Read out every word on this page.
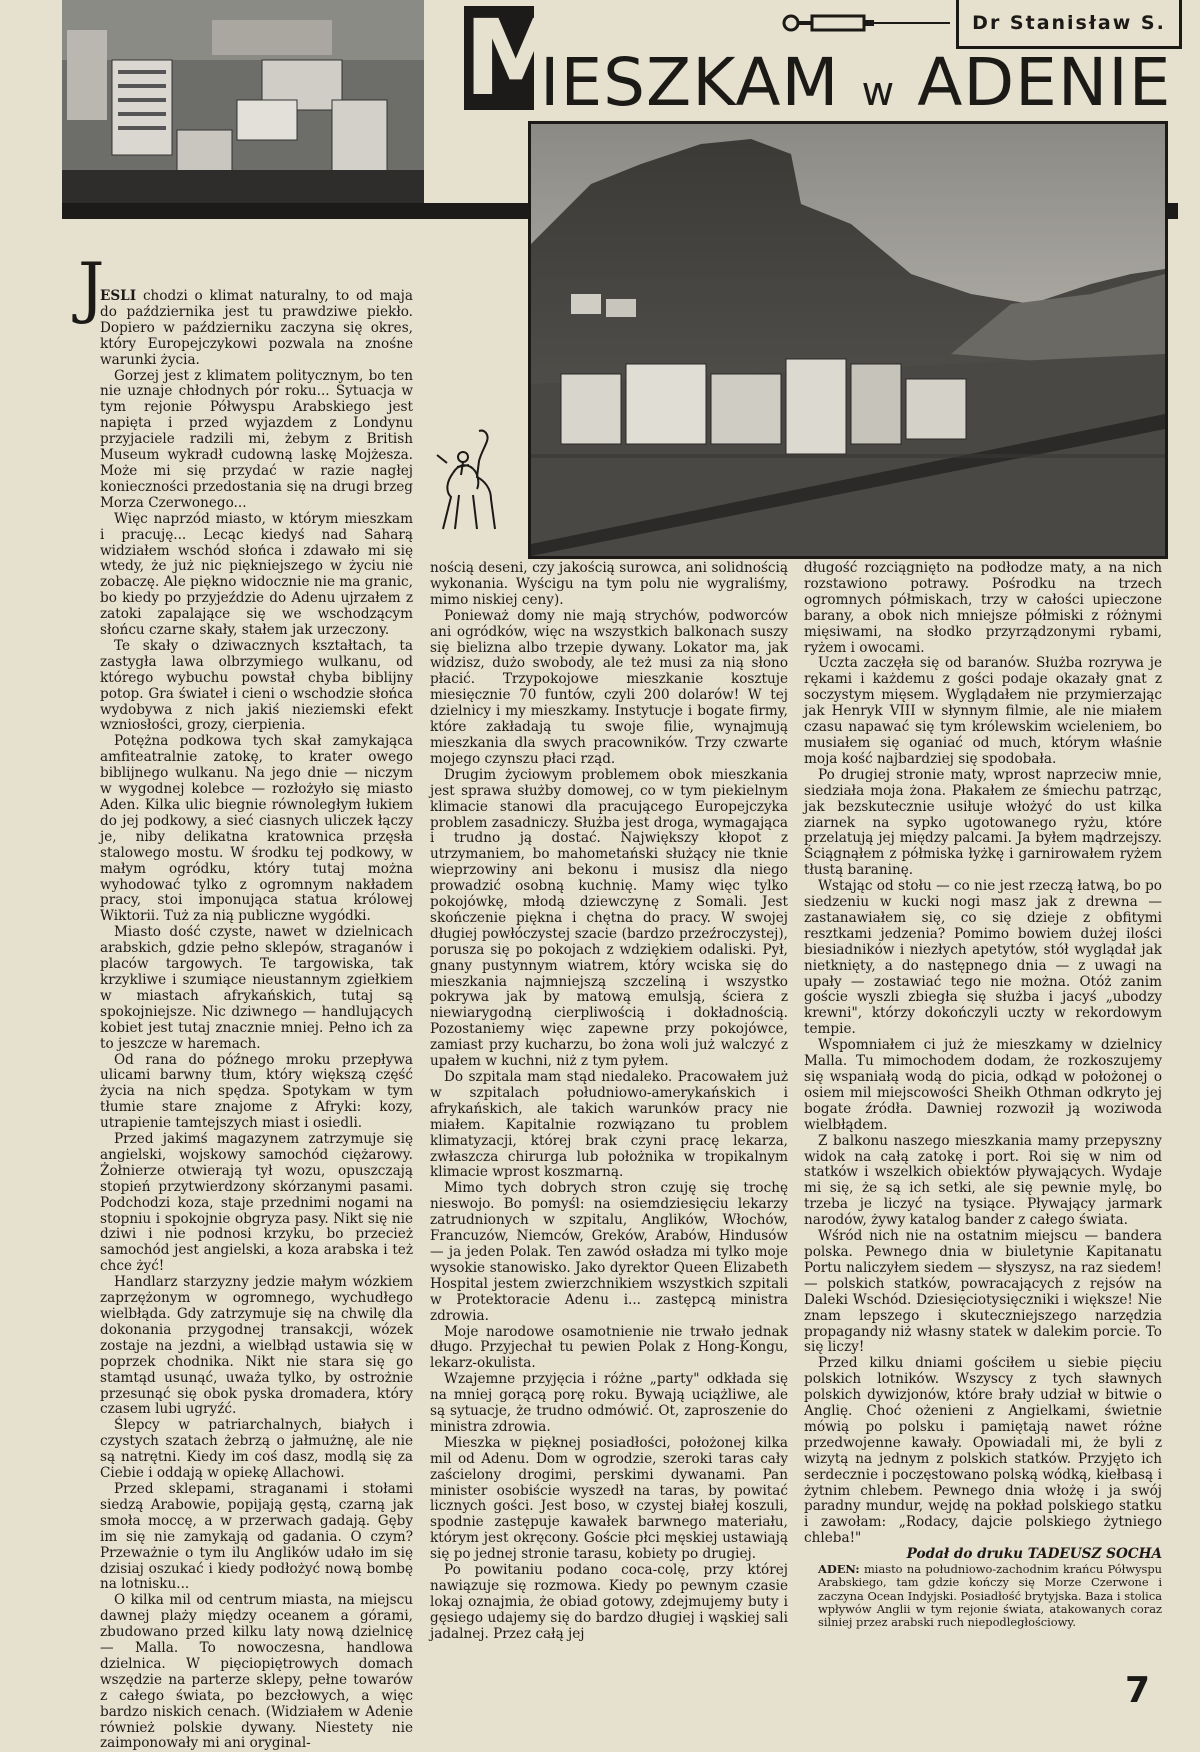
M
IESZKAM w ADENIE
Dr Stanisław S.
J

ESLI chodzi o klimat naturalny, to od maja do października jest tu prawdziwe piekło. Dopiero w październiku zaczyna się okres, który Europejczykowi pozwala na znośne warunki życia.

Gorzej jest z klimatem politycznym, bo ten nie uznaje chłodnych pór roku... Sytuacja w tym rejonie Półwyspu Arabskiego jest napięta i przed wyjazdem z Londynu przyjaciele radzili mi, żebym z British Museum wykradł cudowną laskę Mojżesza. Może mi się przydać w razie nagłej konieczności przedostania się na drugi brzeg Morza Czerwonego...

Więc naprzód miasto, w którym mieszkam i pracuję... Lecąc kiedyś nad Saharą widziałem wschód słońca i zdawało mi się wtedy, że już nic piękniejszego w życiu nie zobaczę. Ale piękno widocznie nie ma granic, bo kiedy po przyjeździe do Adenu ujrzałem z zatoki zapalające się we wschodzącym słońcu czarne skały, stałem jak urzeczony.

Te skały o dziwacznych kształtach, ta zastygła lawa olbrzymiego wulkanu, od którego wybuchu powstał chyba biblijny potop. Gra świateł i cieni o wschodzie słońca wydobywa z nich jakiś nieziemski efekt wzniosłości, grozy, cierpienia.

Potężna podkowa tych skał zamykająca amfiteatralnie zatokę, to krater owego biblijnego wulkanu. Na jego dnie — niczym w wygodnej kolebce — rozłożyło się miasto Aden. Kilka ulic biegnie równoległym łukiem do jej podkowy, a sieć ciasnych uliczek łączy je, niby delikatna kratownica przęsła stalowego mostu. W środku tej podkowy, w małym ogródku, który tutaj można wyhodować tylko z ogromnym nakładem pracy, stoi imponująca statua królowej Wiktorii. Tuż za nią publiczne wygódki.

Miasto dość czyste, nawet w dzielnicach arabskich, gdzie pełno sklepów, straganów i placów targowych. Te targowiska, tak krzykliwe i szumiące nieustannym zgiełkiem w miastach afrykańskich, tutaj są spokojniejsze. Nic dziwnego — handlujących kobiet jest tutaj znacznie mniej. Pełno ich za to jeszcze w haremach.

Od rana do późnego mroku przepływa ulicami barwny tłum, który większą część życia na nich spędza. Spotykam w tym tłumie stare znajome z Afryki: kozy, utrapienie tamtejszych miast i osiedli.

Przed jakimś magazynem zatrzymuje się angielski, wojskowy samochód ciężarowy. Żołnierze otwierają tył wozu, opuszczają stopień przytwierdzony skórzanymi pasami. Podchodzi koza, staje przednimi nogami na stopniu i spokojnie obgryza pasy. Nikt się nie dziwi i nie podnosi krzyku, bo przecież samochód jest angielski, a koza arabska i też chce żyć!

Handlarz starzyzny jedzie małym wózkiem zaprzężonym w ogromnego, wychudłego wielbłąda. Gdy zatrzymuje się na chwilę dla dokonania przygodnej transakcji, wózek zostaje na jezdni, a wielbłąd ustawia się w poprzek chodnika. Nikt nie stara się go stamtąd usunąć, uważa tylko, by ostrożnie przesunąć się obok pyska dromadera, który czasem lubi ugryźć.

Ślepcy w patriarchalnych, białych i czystych szatach żebrzą o jałmużnę, ale nie są natrętni. Kiedy im coś dasz, modlą się za Ciebie i oddają w opiekę Allachowi.

Przed sklepami, straganami i stołami siedzą Arabowie, popijają gęstą, czarną jak smoła moccę, a w przerwach gadają. Gęby im się nie zamykają od gadania. O czym? Przeważnie o tym ilu Anglików udało im się dzisiaj oszukać i kiedy podłożyć nową bombę na lotnisku...

O kilka mil od centrum miasta, na miejscu dawnej plaży między oceanem a górami, zbudowano przed kilku laty nową dzielnicę — Malla. To nowoczesna, handlowa dzielnica. W pięciopiętrowych domach wszędzie na parterze sklepy, pełne towarów z całego świata, po bezcłowych, a więc bardzo niskich cenach. (Widziałem w Adenie również polskie dywany. Niestety nie zaimponowały mi ani oryginal-

nością deseni, czy jakością surowca, ani solidnością wykonania. Wyścigu na tym polu nie wygraliśmy, mimo niskiej ceny).

Ponieważ domy nie mają strychów, podworców ani ogródków, więc na wszystkich balkonach suszy się bielizna albo trzepie dywany. Lokator ma, jak widzisz, dużo swobody, ale też musi za nią słono płacić. Trzypokojowe mieszkanie kosztuje miesięcznie 70 funtów, czyli 200 dolarów! W tej dzielnicy i my mieszkamy. Instytucje i bogate firmy, które zakładają tu swoje filie, wynajmują mieszkania dla swych pracowników. Trzy czwarte mojego czynszu płaci rząd.

Drugim życiowym problemem obok mieszkania jest sprawa służby domowej, co w tym piekielnym klimacie stanowi dla pracującego Europejczyka problem zasadniczy. Służba jest droga, wymagająca i trudno ją dostać. Największy kłopot z utrzymaniem, bo mahometański służący nie tknie wieprzowiny ani bekonu i musisz dla niego prowadzić osobną kuchnię. Mamy więc tylko pokojówkę, młodą dziewczynę z Somali. Jest skończenie piękna i chętna do pracy. W swojej długiej powłóczystej szacie (bardzo przeźroczystej), porusza się po pokojach z wdziękiem odaliski. Pył, gnany pustynnym wiatrem, który wciska się do mieszkania najmniejszą szczeliną i wszystko pokrywa jak by matową emulsją, ściera z niewiarygodną cierpliwością i dokładnością. Pozostaniemy więc zapewne przy pokojówce, zamiast przy kucharzu, bo żona woli już walczyć z upałem w kuchni, niż z tym pyłem.

Do szpitala mam stąd niedaleko. Pracowałem już w szpitalach południowo-amerykańskich i afrykańskich, ale takich warunków pracy nie miałem. Kapitalnie rozwiązano tu problem klimatyzacji, której brak czyni pracę lekarza, zwłaszcza chirurga lub położnika w tropikalnym klimacie wprost koszmarną.

Mimo tych dobrych stron czuję się trochę nieswojo. Bo pomyśl: na osiemdziesięciu lekarzy zatrudnionych w szpitalu, Anglików, Włochów, Francuzów, Niemców, Greków, Arabów, Hindusów — ja jeden Polak. Ten zawód osładza mi tylko moje wysokie stanowisko. Jako dyrektor Queen Elizabeth Hospital jestem zwierzchnikiem wszystkich szpitali w Protektoracie Adenu i... zastępcą ministra zdrowia.

Moje narodowe osamotnienie nie trwało jednak długo. Przyjechał tu pewien Polak z Hong-Kongu, lekarz-okulista.

Wzajemne przyjęcia i różne „party" odkłada się na mniej gorącą porę roku. Bywają uciążliwe, ale są sytuacje, że trudno odmówić. Ot, zaproszenie do ministra zdrowia.

Mieszka w pięknej posiadłości, położonej kilka mil od Adenu. Dom w ogrodzie, szeroki taras cały zaścielony drogimi, perskimi dywanami. Pan minister osobiście wyszedł na taras, by powitać licznych gości. Jest boso, w czystej białej koszuli, spodnie zastępuje kawałek barwnego materiału, którym jest okręcony. Goście płci męskiej ustawiają się po jednej stronie tarasu, kobiety po drugiej.

Po powitaniu podano coca-colę, przy której nawiązuje się rozmowa. Kiedy po pewnym czasie lokaj oznajmia, że obiad gotowy, zdejmujemy buty i gęsiego udajemy się do bardzo długiej i wąskiej sali jadalnej. Przez całą jej

długość rozciągnięto na podłodze maty, a na nich rozstawiono potrawy. Pośrodku na trzech ogromnych półmiskach, trzy w całości upieczone barany, a obok nich mniejsze półmiski z różnymi mięsiwami, na słodko przyrządzonymi rybami, ryżem i owocami.

Uczta zaczęła się od baranów. Służba rozrywa je rękami i każdemu z gości podaje okazały gnat z soczystym mięsem. Wyglądałem nie przymierzając jak Henryk VIII w słynnym filmie, ale nie miałem czasu napawać się tym królewskim wcieleniem, bo musiałem się oganiać od much, którym właśnie moja kość najbardziej się spodobała.

Po drugiej stronie maty, wprost naprzeciw mnie, siedziała moja żona. Płakałem ze śmiechu patrząc, jak bezskutecznie usiłuje włożyć do ust kilka ziarnek na sypko ugotowanego ryżu, które przelatują jej między palcami. Ja byłem mądrzejszy. Ściągnąłem z półmiska łyżkę i garnirowałem ryżem tłustą baraninę.

Wstając od stołu — co nie jest rzeczą łatwą, bo po siedzeniu w kucki nogi masz jak z drewna — zastanawiałem się, co się dzieje z obfitymi resztkami jedzenia? Pomimo bowiem dużej ilości biesiadników i niezłych apetytów, stół wyglądał jak nietknięty, a do następnego dnia — z uwagi na upały — zostawiać tego nie można. Otóż zanim goście wyszli zbiegła się służba i jacyś „ubodzy krewni", którzy dokończyli uczty w rekordowym tempie.

Wspomniałem ci już że mieszkamy w dzielnicy Malla. Tu mimochodem dodam, że rozkoszujemy się wspaniałą wodą do picia, odkąd w położonej o osiem mil miejscowości Sheikh Othman odkryto jej bogate źródła. Dawniej rozwoził ją woziwoda wielbłądem.

Z balkonu naszego mieszkania mamy przepyszny widok na całą zatokę i port. Roi się w nim od statków i wszelkich obiektów pływających. Wydaje mi się, że są ich setki, ale się pewnie mylę, bo trzeba je liczyć na tysiące. Pływający jarmark narodów, żywy katalog bander z całego świata.

Wśród nich nie na ostatnim miejscu — bandera polska. Pewnego dnia w biuletynie Kapitanatu Portu naliczyłem siedem — słyszysz, na raz siedem! — polskich statków, powracających z rejsów na Daleki Wschód. Dziesięciotysięczniki i większe! Nie znam lepszego i skuteczniejszego narzędzia propagandy niż własny statek w dalekim porcie. To się liczy!

Przed kilku dniami gościłem u siebie pięciu polskich lotników. Wszyscy z tych sławnych polskich dywizjonów, które brały udział w bitwie o Anglię. Choć ożenieni z Angielkami, świetnie mówią po polsku i pamiętają nawet różne przedwojenne kawały. Opowiadali mi, że byli z wizytą na jednym z polskich statków. Przyjęto ich serdecznie i poczęstowano polską wódką, kiełbasą i żytnim chlebem. Pewnego dnia włożę i ja swój paradny mundur, wejdę na pokład polskiego statku i zawołam: „Rodacy, dajcie polskiego żytniego chleba!"

Podał do druku TADEUSZ SOCHA

ADEN: miasto na południowo-zachodnim krańcu Półwyspu Arabskiego, tam gdzie kończy się Morze Czerwone i zaczyna Ocean Indyjski. Posiadłość brytyjska. Baza i stolica wpływów Anglii w tym rejonie świata, atakowanych coraz silniej przez arabski ruch niepodległościowy.

7
